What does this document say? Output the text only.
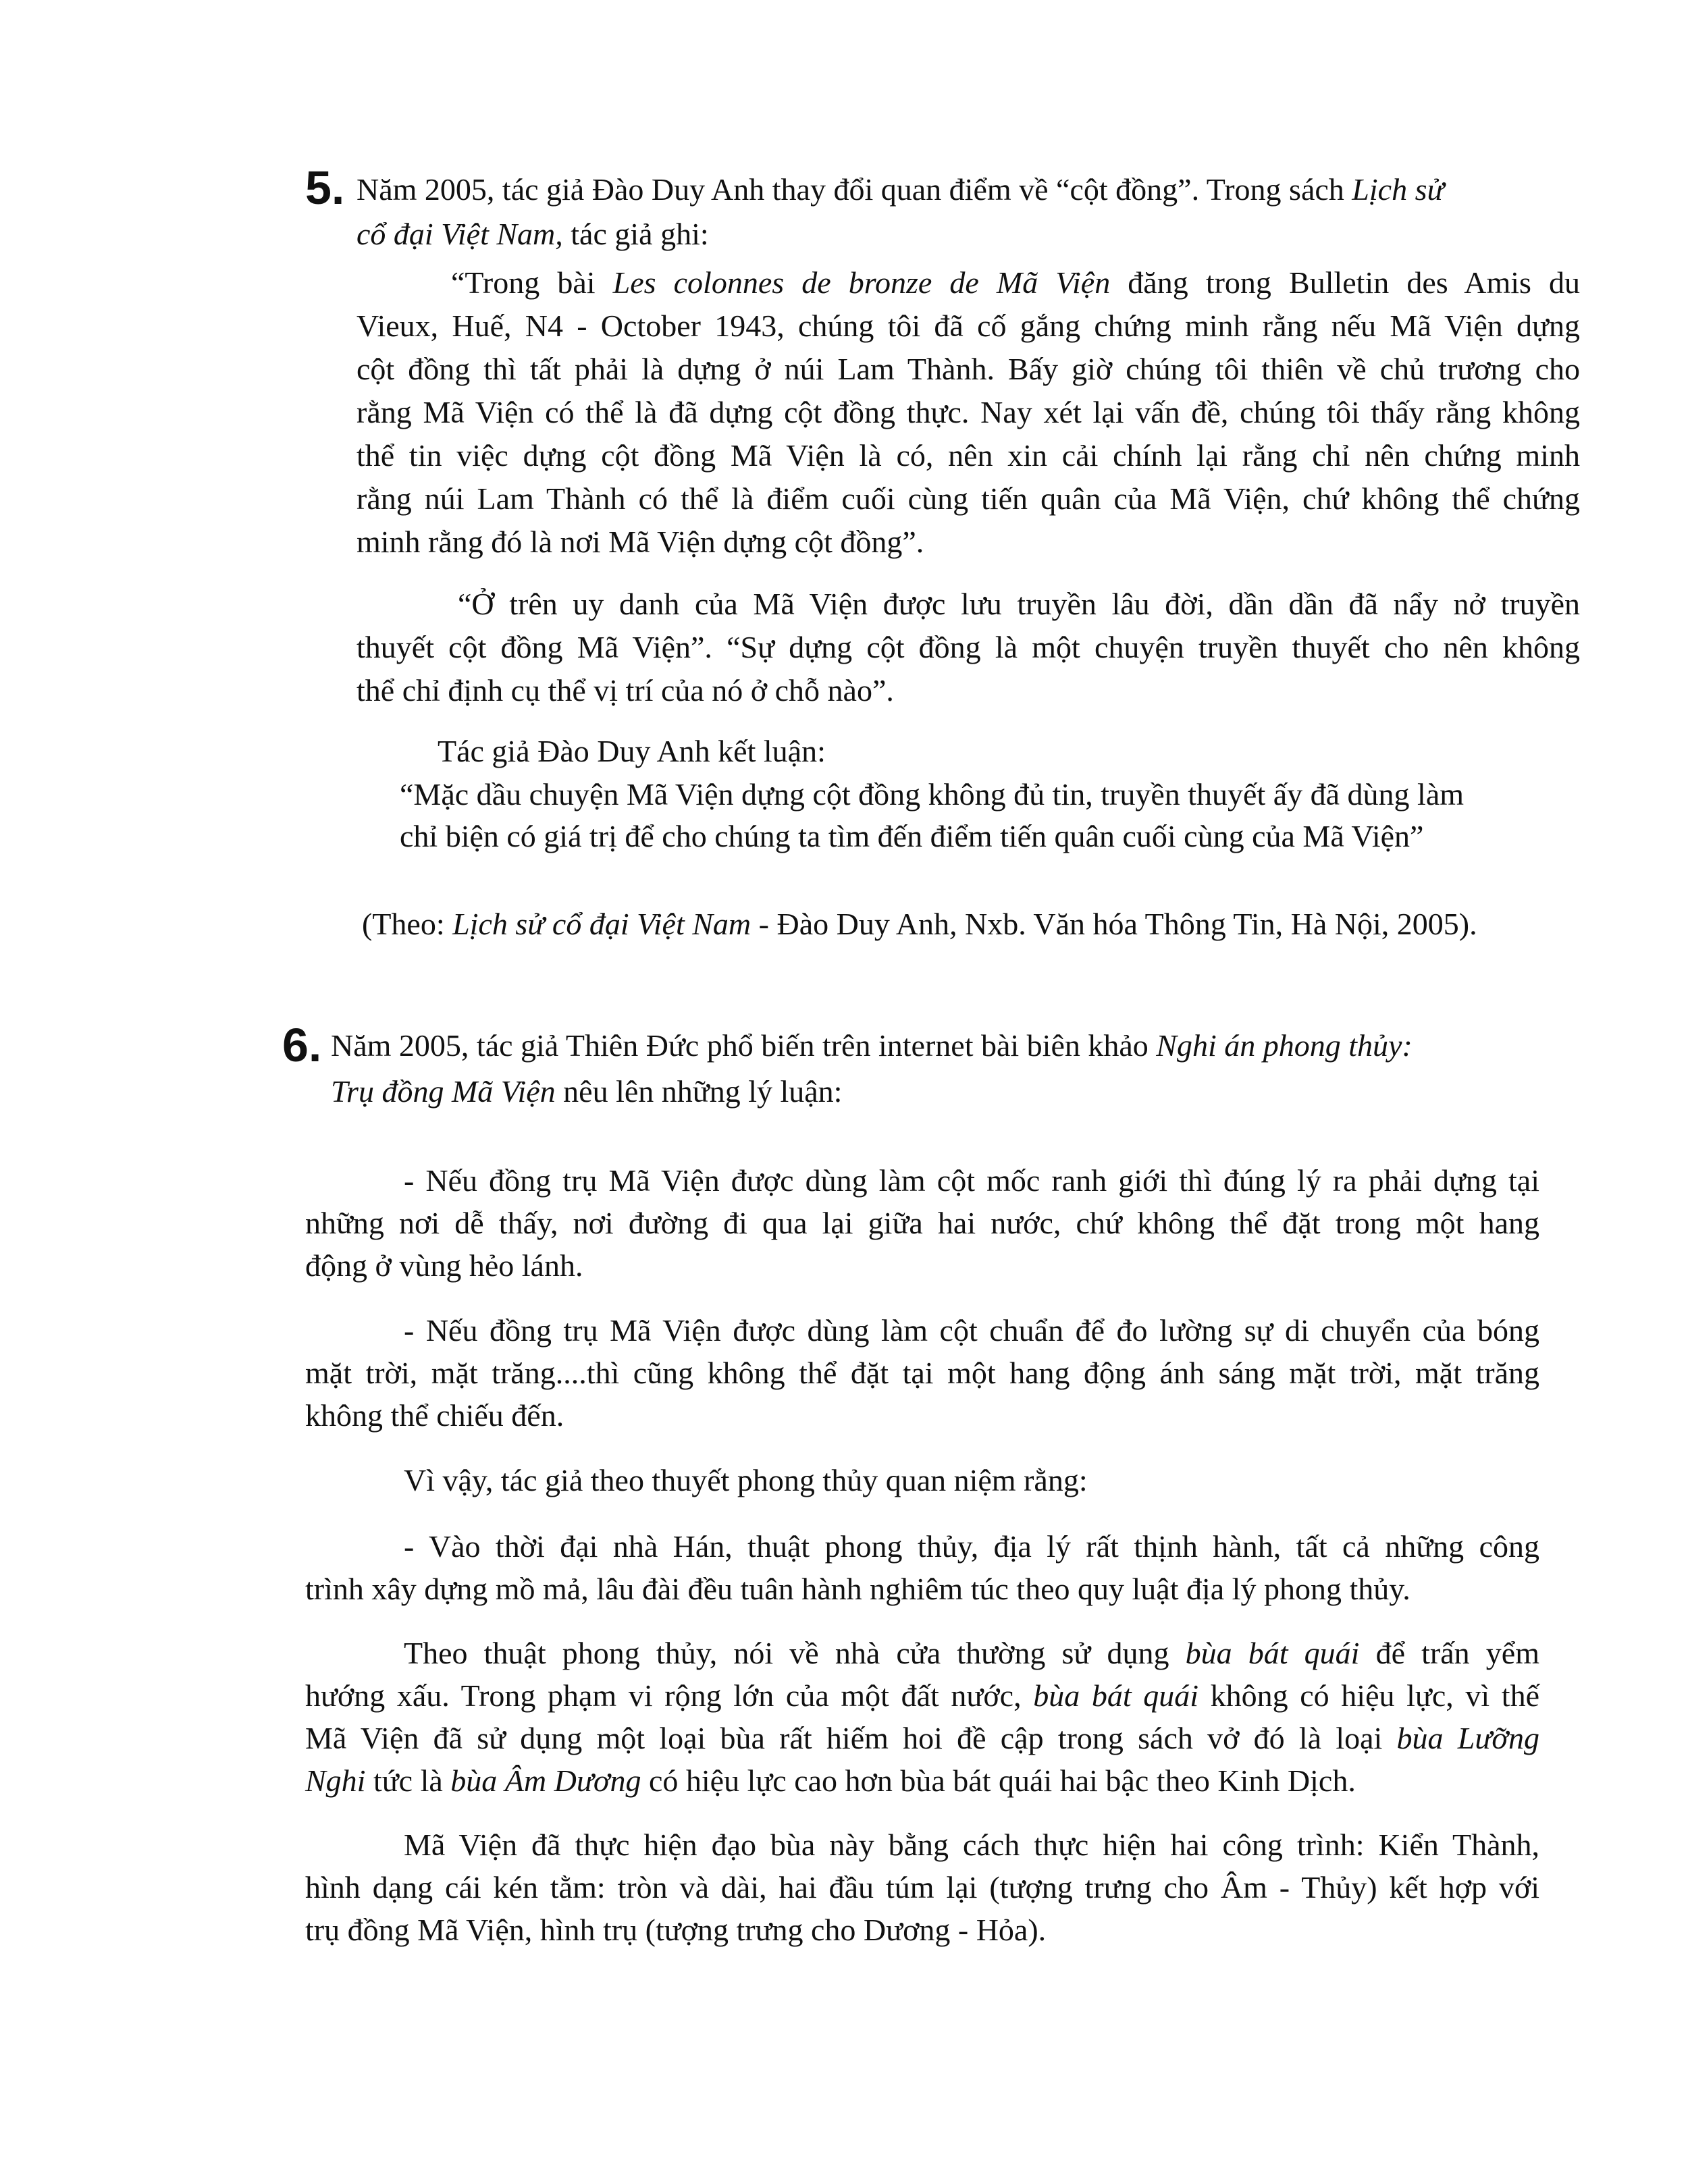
5. Năm 2005, tác giả Đào Duy Anh thay đổi quan điểm về “cột đồng”. Trong sách Lịch sử

cổ đại Việt Nam, tác giả ghi:

“Trong bài Les colonnes de bronze de Mã Viện đăng trong Bulletin des Amis du

Vieux, Huế, N4 - October 1943, chúng tôi đã cố gắng chứng minh rằng nếu Mã Viện dựng

cột đồng thì tất phải là dựng ở núi Lam Thành. Bấy giờ chúng tôi thiên về chủ trương cho

rằng Mã Viện có thể là đã dựng cột đồng thực. Nay xét lại vấn đề, chúng tôi thấy rằng không

thể tin việc dựng cột đồng Mã Viện là có, nên xin cải chính lại rằng chỉ nên chứng minh

rằng núi Lam Thành có thể là điểm cuối cùng tiến quân của Mã Viện, chứ không thể chứng

minh rằng đó là nơi Mã Viện dựng cột đồng”.

“Ở trên uy danh của Mã Viện được lưu truyền lâu đời, dần dần đã nẩy nở truyền

thuyết cột đồng Mã Viện”. “Sự dựng cột đồng là một chuyện truyền thuyết cho nên không

thể chỉ định cụ thể vị trí của nó ở chỗ nào”.

Tác giả Đào Duy Anh kết luận:

“Mặc dầu chuyện Mã Viện dựng cột đồng không đủ tin, truyền thuyết ấy đã dùng làm

chỉ biện có giá trị để cho chúng ta tìm đến điểm tiến quân cuối cùng của Mã Viện”

(Theo: Lịch sử cổ đại Việt Nam - Đào Duy Anh, Nxb. Văn hóa Thông Tin, Hà Nội, 2005).

6. Năm 2005, tác giả Thiên Đức phổ biến trên internet bài biên khảo Nghi án phong thủy:

Trụ đồng Mã Viện nêu lên những lý luận:

- Nếu đồng trụ Mã Viện được dùng làm cột mốc ranh giới thì đúng lý ra phải dựng tại

những nơi dễ thấy, nơi đường đi qua lại giữa hai nước, chứ không thể đặt trong một hang

động ở vùng hẻo lánh.

- Nếu đồng trụ Mã Viện được dùng làm cột chuẩn để đo lường sự di chuyển của bóng

mặt trời, mặt trăng....thì cũng không thể đặt tại một hang động ánh sáng mặt trời, mặt trăng

không thể chiếu đến.

Vì vậy, tác giả theo thuyết phong thủy quan niệm rằng:

- Vào thời đại nhà Hán, thuật phong thủy, địa lý rất thịnh hành, tất cả những công

trình xây dựng mồ mả, lâu đài đều tuân hành nghiêm túc theo quy luật địa lý phong thủy.

Theo thuật phong thủy, nói về nhà cửa thường sử dụng bùa bát quái để trấn yểm

hướng xấu. Trong phạm vi rộng lớn của một đất nước, bùa bát quái không có hiệu lực, vì thế

Mã Viện đã sử dụng một loại bùa rất hiếm hoi đề cập trong sách vở đó là loại bùa Lưỡng

Nghi tức là bùa Âm Dương có hiệu lực cao hơn bùa bát quái hai bậc theo Kinh Dịch.

Mã Viện đã thực hiện đạo bùa này bằng cách thực hiện hai công trình: Kiển Thành,

hình dạng cái kén tằm: tròn và dài, hai đầu túm lại (tượng trưng cho Âm - Thủy) kết hợp với

trụ đồng Mã Viện, hình trụ (tượng trưng cho Dương - Hỏa).
